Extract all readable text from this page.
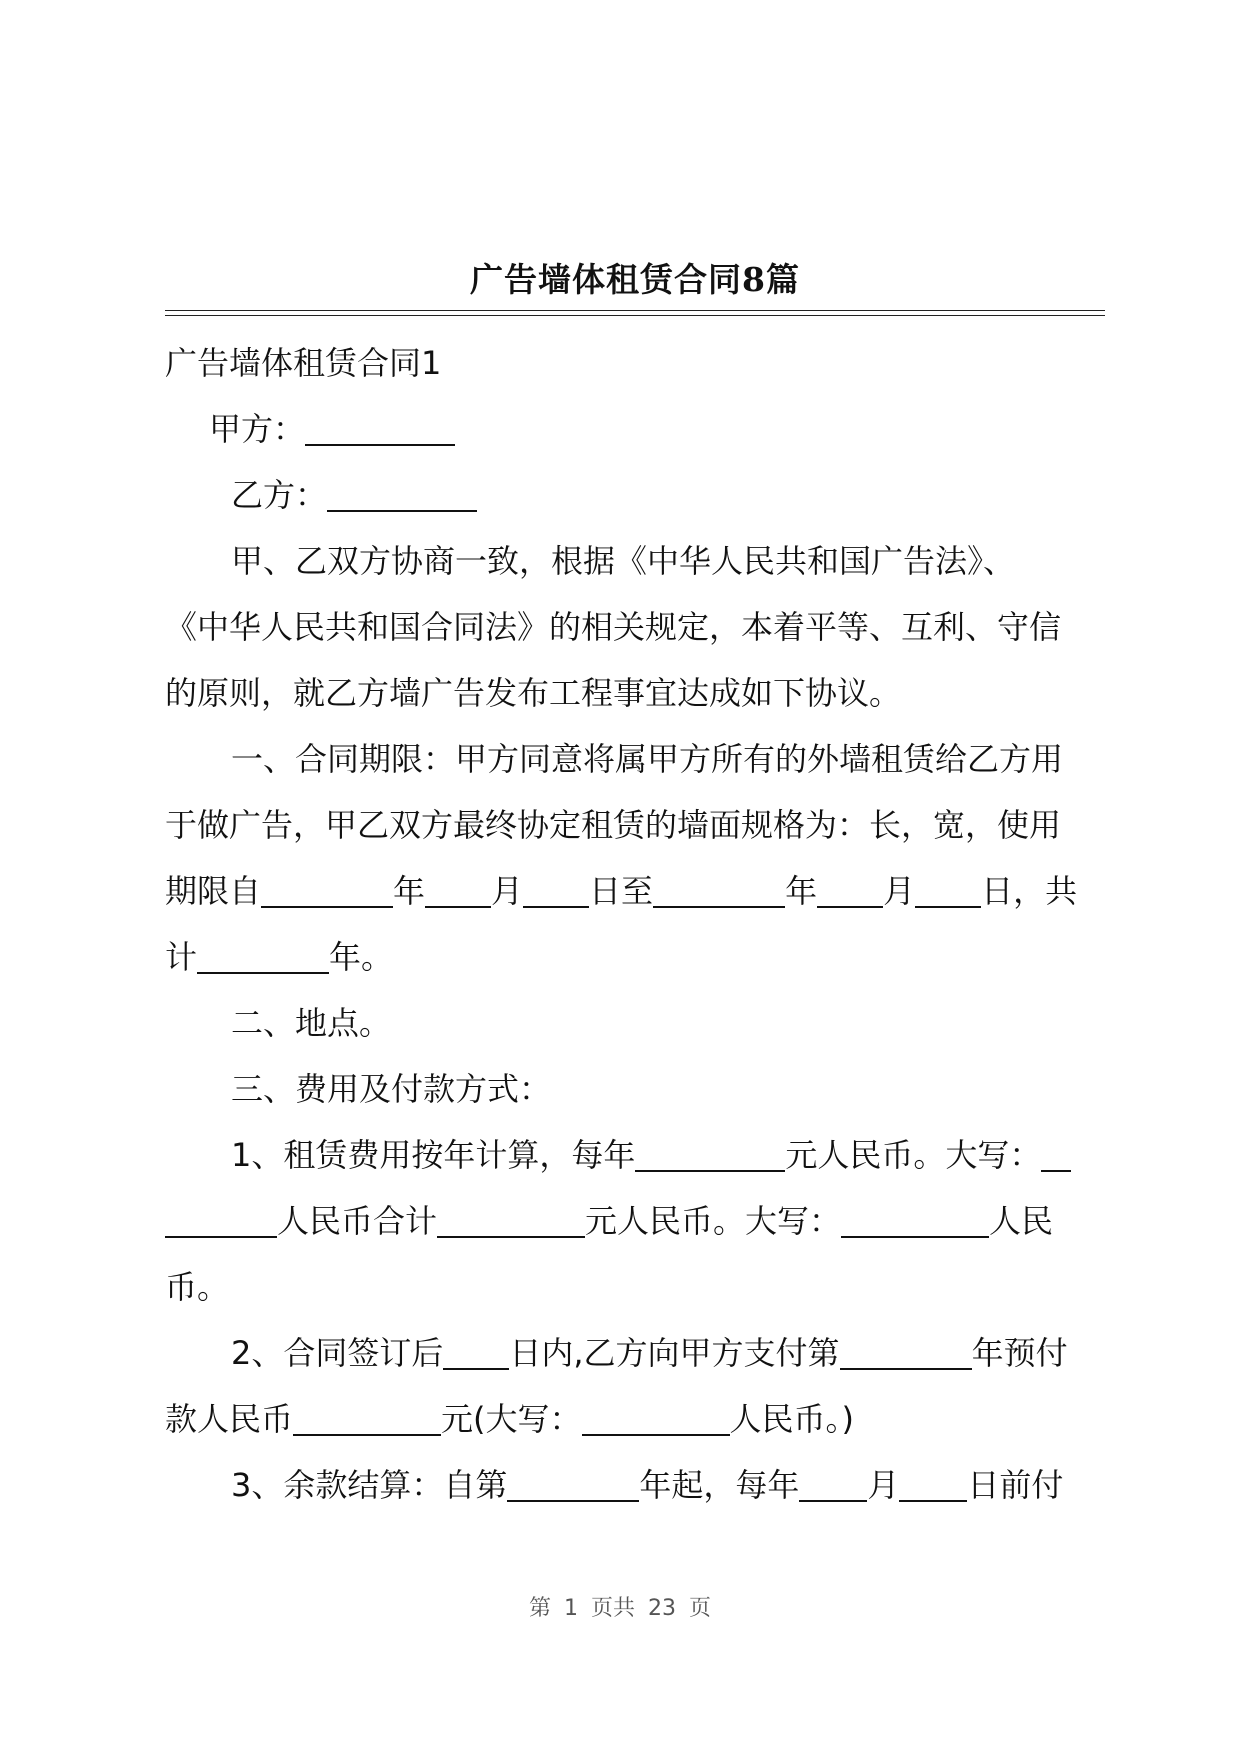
广告墙体租赁合同8篇
广告墙体租赁合同1
甲方：
乙方：
甲、乙双方协商一致，根据《中华人民共和国广告法》、
《中华人民共和国合同法》的相关规定，本着平等、互利、守信
的原则，就乙方墙广告发布工程事宜达成如下协议。
一、合同期限：甲方同意将属甲方所有的外墙租赁给乙方用
于做广告，甲乙双方最终协定租赁的墙面规格为：长，宽，使用
期限自	年 月 日至	年 月 日，共
计	年。
二、地点。
三、费用及付款方式：
1、租赁费用按年计算，每年	元人民币。大写：
人民币合计	元人民币。大写：	人民
币。
2、合同签订后 日内,乙方向甲方支付第	年预付
款人民币	元(大写：	人民币。)
3、余款结算：自第	年起，每年 月 日前付
第 1 页共 23 页
